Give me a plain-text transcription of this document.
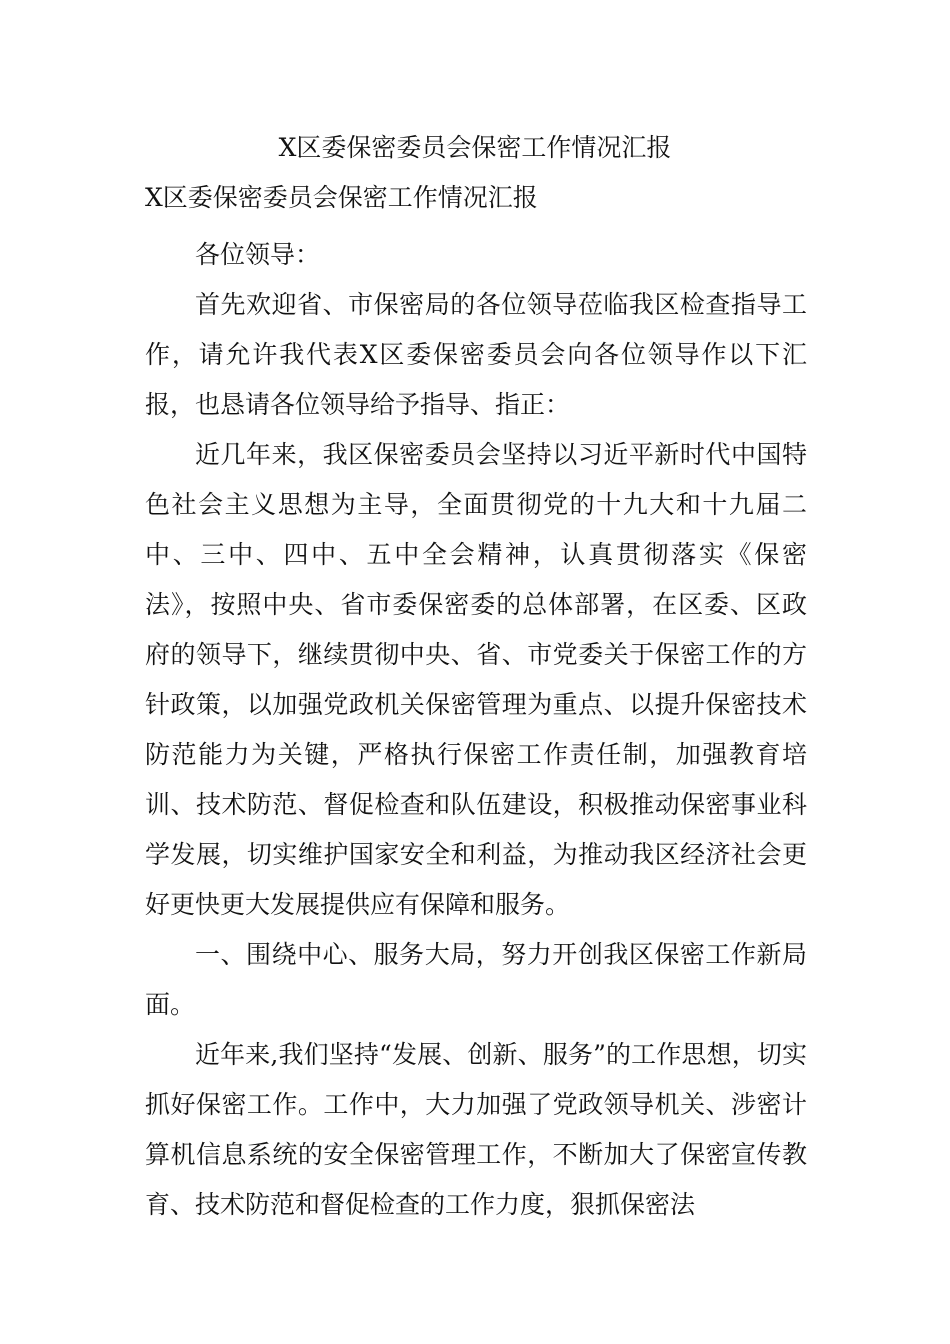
X区委保密委员会保密工作情况汇报
X区委保密委员会保密工作情况汇报

各位领导：

首先欢迎省、市保密局的各位领导莅临我区检查指导工作，请允许我代表X区委保密委员会向各位领导作以下汇报，也恳请各位领导给予指导、指正：

近几年来，我区保密委员会坚持以习近平新时代中国特色社会主义思想为主导，全面贯彻党的十九大和十九届二中、三中、四中、五中全会精神，认真贯彻落实《保密法》，按照中央、省市委保密委的总体部署，在区委、区政府的领导下，继续贯彻中央、省、市党委关于保密工作的方针政策，以加强党政机关保密管理为重点、以提升保密技术防范能力为关键，严格执行保密工作责任制，加强教育培训、技术防范、督促检查和队伍建设，积极推动保密事业科学发展，切实维护国家安全和利益，为推动我区经济社会更好更快更大发展提供应有保障和服务。

一、围绕中心、服务大局，努力开创我区保密工作新局面。

近年来,我们坚持“发展、创新、服务”的工作思想，切实抓好保密工作。工作中，大力加强了党政领导机关、涉密计算机信息系统的安全保密管理工作，不断加大了保密宣传教育、技术防范和督促检查的工作力度，狠抓保密法
